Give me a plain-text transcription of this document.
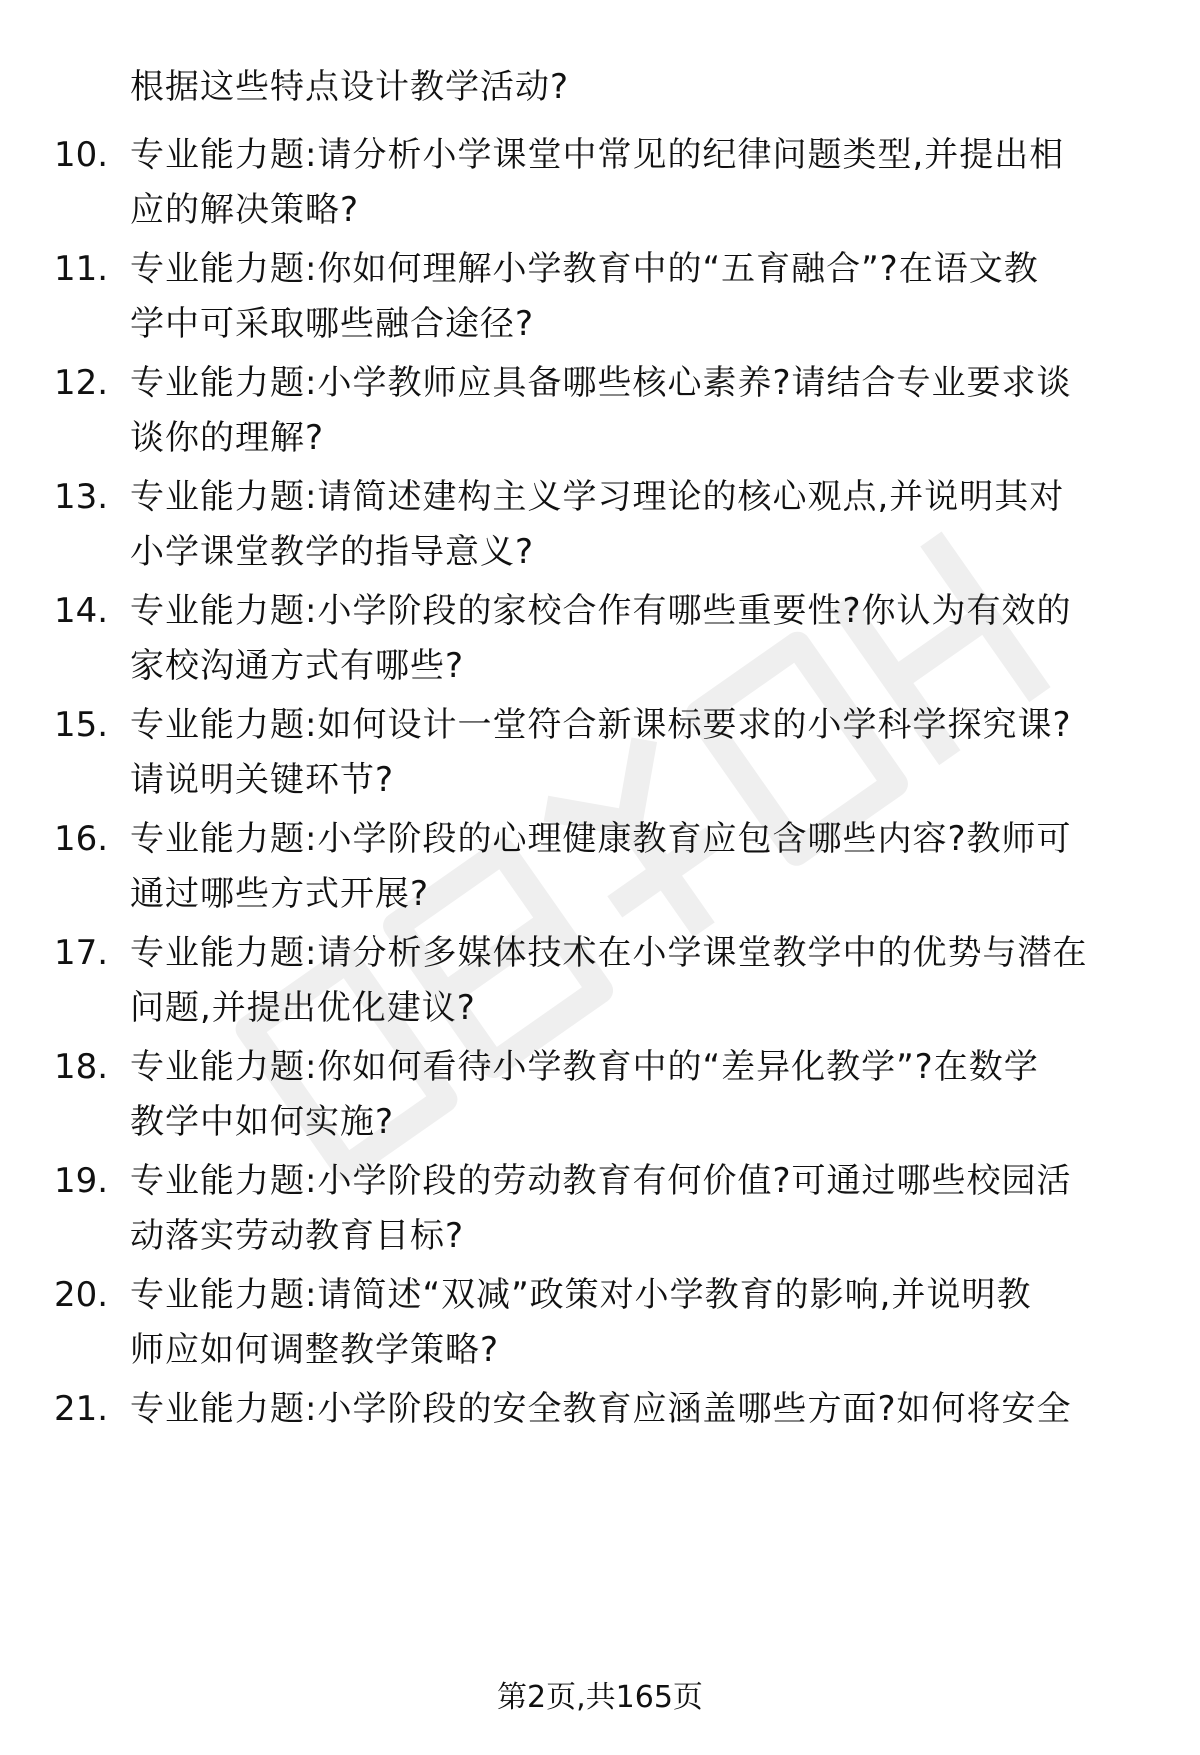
根据这些特点设计教学活动?
10. 专业能力题:请分析小学课堂中常见的纪律问题类型,并提出相
应的解决策略?
11. 专业能力题:你如何理解小学教育中的“五育融合”?在语文教
学中可采取哪些融合途径?
12. 专业能力题:小学教师应具备哪些核心素养?请结合专业要求谈
谈你的理解?
13. 专业能力题:请简述建构主义学习理论的核心观点,并说明其对
小学课堂教学的指导意义?
14. 专业能力题:小学阶段的家校合作有哪些重要性?你认为有效的
家校沟通方式有哪些?
15. 专业能力题:如何设计一堂符合新课标要求的小学科学探究课?
请说明关键环节?
16. 专业能力题:小学阶段的心理健康教育应包含哪些内容?教师可
通过哪些方式开展?
17. 专业能力题:请分析多媒体技术在小学课堂教学中的优势与潜在
问题,并提出优化建议?
18. 专业能力题:你如何看待小学教育中的“差异化教学”?在数学
教学中如何实施?
19. 专业能力题:小学阶段的劳动教育有何价值?可通过哪些校园活
动落实劳动教育目标?
20. 专业能力题:请简述“双减”政策对小学教育的影响,并说明教
师应如何调整教学策略?
21. 专业能力题:小学阶段的安全教育应涵盖哪些方面?如何将安全
第2页,共165页
